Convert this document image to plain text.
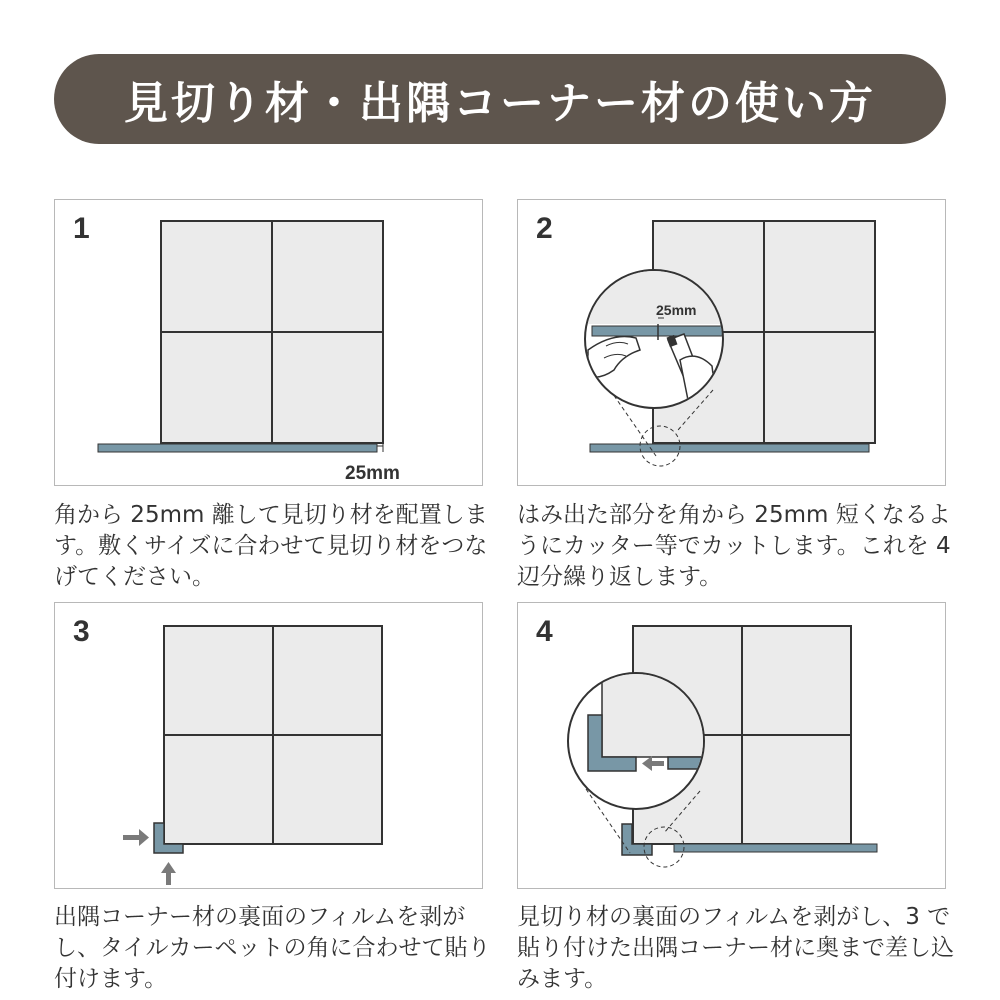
見切り材・出隅コーナー材の使い方
1
25mm

角から 25mm 離して見切り材を配置します。敷くサイズに合わせて見切り材をつなげてください。

2
25mm

はみ出た部分を角から 25mm 短くなるようにカッター等でカットします。これを 4 辺分繰り返します。

3

出隅コーナー材の裏面のフィルムを剥がし、タイルカーペットの角に合わせて貼り付けます。

4

見切り材の裏面のフィルムを剥がし、3 で貼り付けた出隅コーナー材に奥まで差し込みます。
